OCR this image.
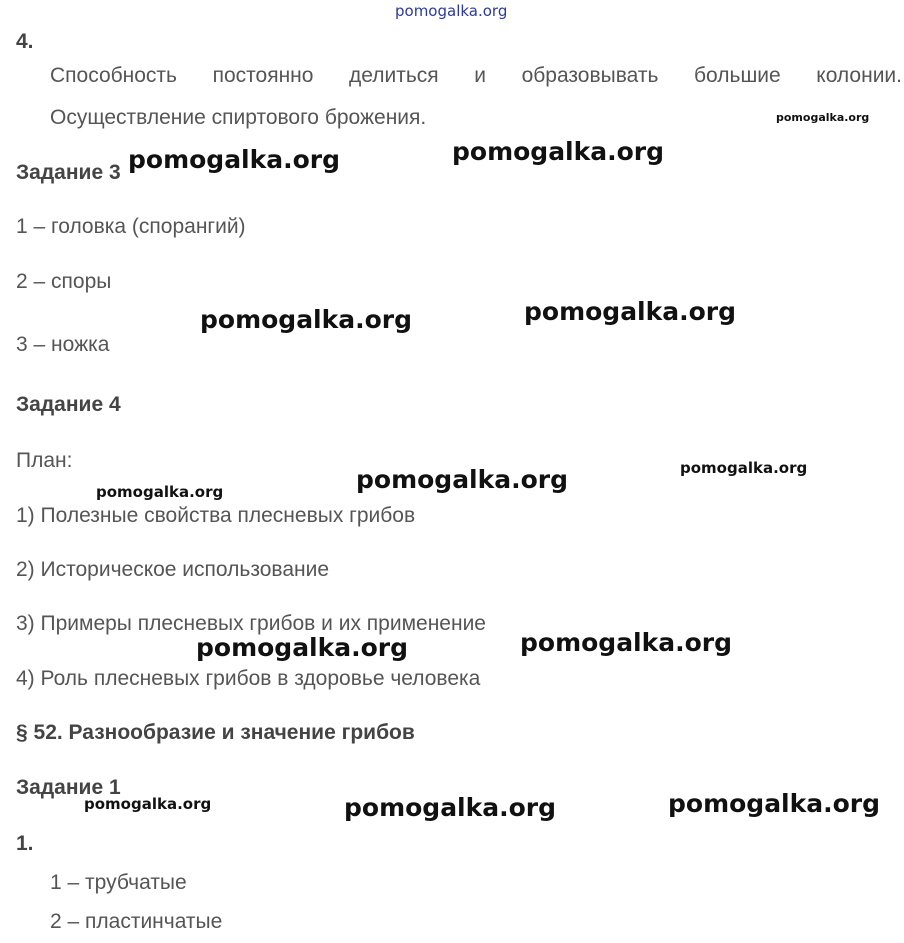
pomogalka.org
4.
Способность постоянно делиться и образовывать большие колонии.
Осуществление спиртового брожения.
Задание 3
1 – головка (спорангий)
2 – споры
3 – ножка
Задание 4
План:
1) Полезные свойства плесневых грибов
2) Историческое использование
3) Примеры плесневых грибов и их применение
4) Роль плесневых грибов в здоровье человека
§ 52. Разнообразие и значение грибов
Задание 1
1.
1 – трубчатые
2 – пластинчатые
pomogalka.org
pomogalka.org	pomogalka.org
pomogalka.org	pomogalka.org
pomogalka.org
pomogalka.org
pomogalka.org
pomogalka.org	pomogalka.org
pomogalka.org	pomogalka.org	pomogalka.org
